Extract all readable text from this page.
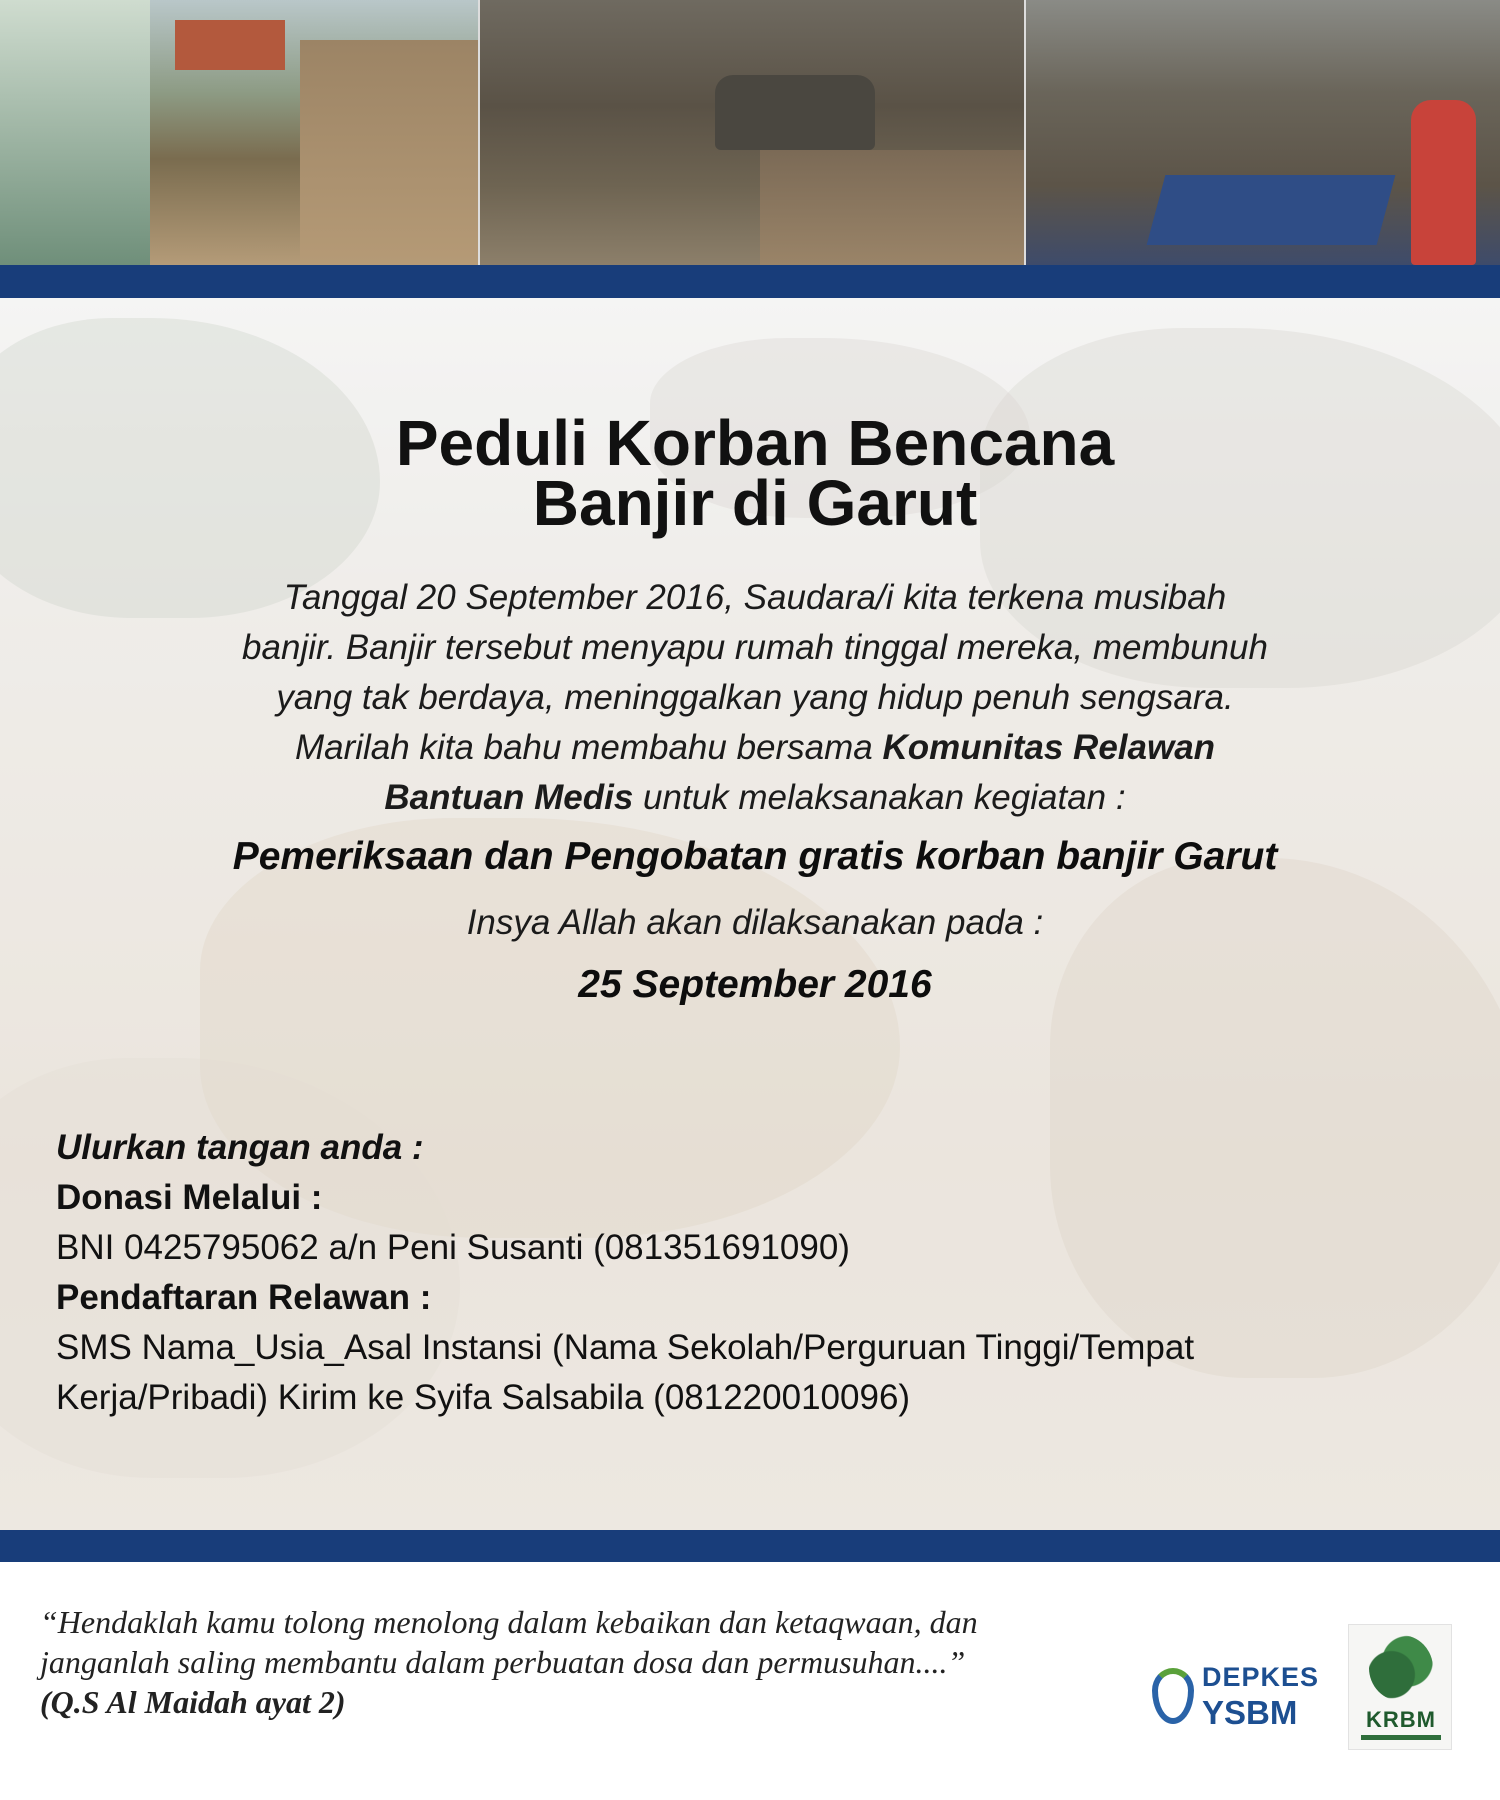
Peduli Korban Bencana
Banjir di Garut
Tanggal 20 September 2016, Saudara/i kita terkena musibah
banjir. Banjir tersebut menyapu rumah tinggal mereka, membunuh
yang tak berdaya, meninggalkan yang hidup penuh sengsara.
Marilah kita bahu membahu bersama Komunitas Relawan
Bantuan Medis untuk melaksanakan kegiatan :
Pemeriksaan dan Pengobatan gratis korban banjir Garut
Insya Allah akan dilaksanakan pada :
25 September 2016
Ulurkan tangan anda :
Donasi Melalui :
BNI 0425795062 a/n Peni Susanti (081351691090)
Pendaftaran Relawan :
SMS Nama_Usia_Asal Instansi (Nama Sekolah/Perguruan Tinggi/Tempat
Kerja/Pribadi) Kirim ke Syifa Salsabila (081220010096)
“Hendaklah kamu tolong menolong dalam kebaikan dan ketaqwaan, dan
janganlah saling membantu dalam perbuatan dosa dan permusuhan....”
(Q.S Al Maidah ayat 2)
DEPKES
YSBM	KRBM
